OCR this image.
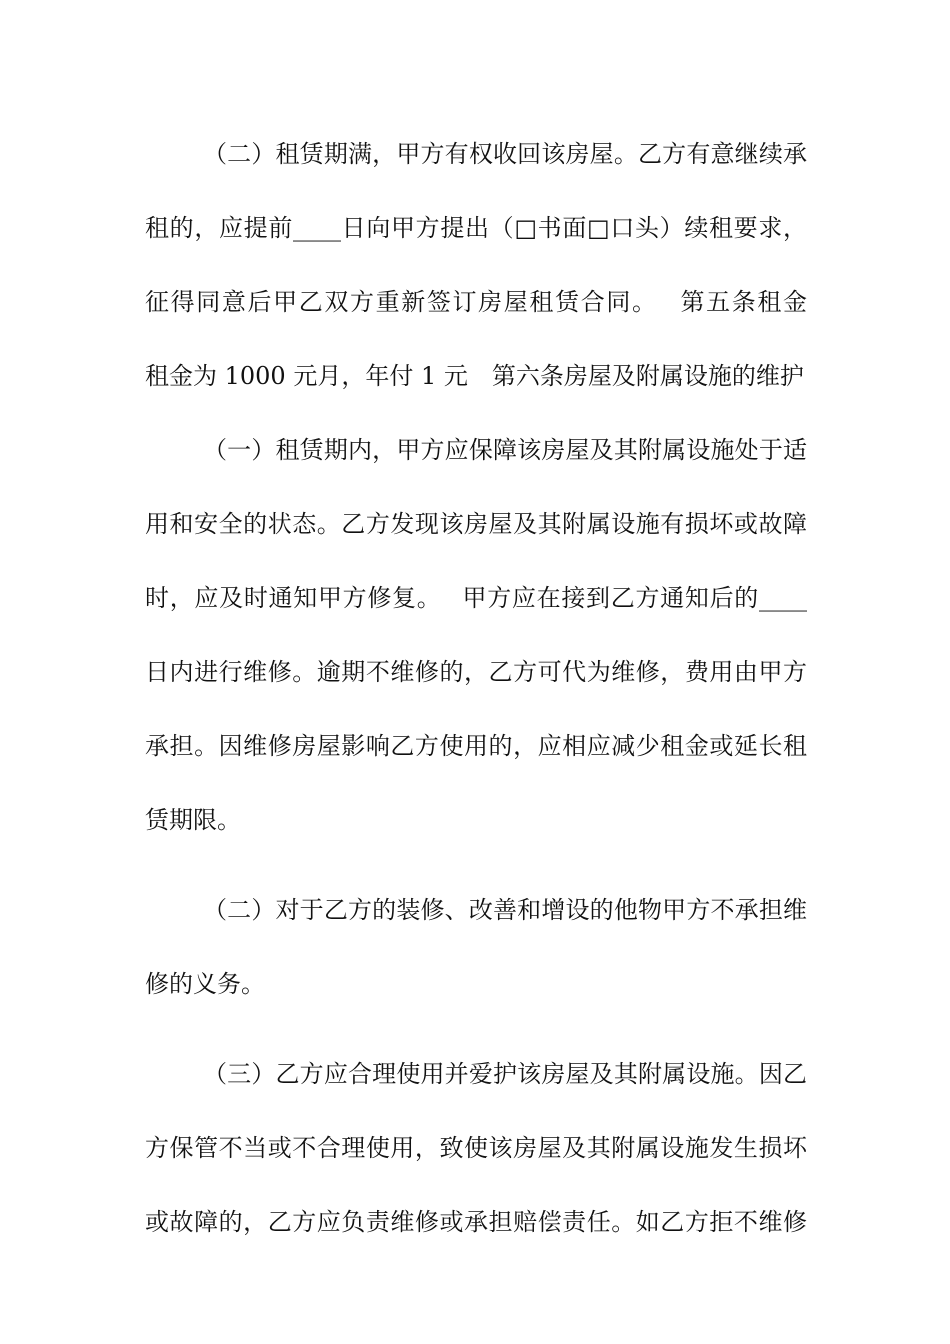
（二）租赁期满，甲方有权收回该房屋。乙方有意继续承
租的，应提前____日向甲方提出（□书面□口头）续租要求，
征得同意后甲乙双方重新签订房屋租赁合同。　 第五条租金
租金为 1000 元月，年付 1 元　第六条房屋及附属设施的维护
（一）租赁期内，甲方应保障该房屋及其附属设施处于适
用和安全的状态。乙方发现该房屋及其附属设施有损坏或故障
时，应及时通知甲方修复。　 甲方应在接到乙方通知后的____
日内进行维修。逾期不维修的，乙方可代为维修，费用由甲方
承担。因维修房屋影响乙方使用的，应相应减少租金或延长租
赁期限。
（二）对于乙方的装修、改善和增设的他物甲方不承担维
修的义务。
（三）乙方应合理使用并爱护该房屋及其附属设施。因乙
方保管不当或不合理使用，致使该房屋及其附属设施发生损坏
或故障的，乙方应负责维修或承担赔偿责任。如乙方拒不维修
